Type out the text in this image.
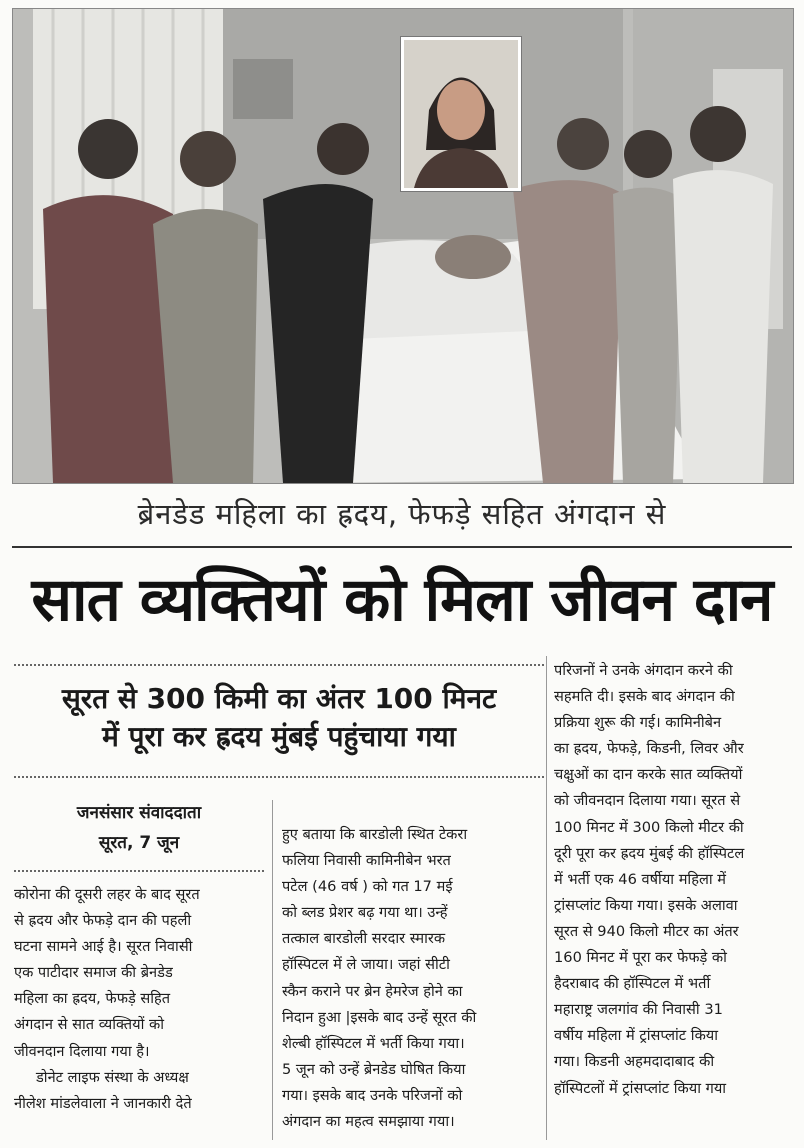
ब्रेनडेड महिला का ह्रदय, फेफड़े सहित अंगदान से
सात व्यक्तियों को मिला जीवन दान
सूरत से 300 किमी का अंतर 100 मिनट
में पूरा कर ह्रदय मुंबई पहुंचाया गया
जनसंसार संवाददाता
सूरत, 7 जून
कोरोना की दूसरी लहर के बाद सूरत
से ह्रदय और फेफड़े दान की पहली
घटना सामने आई है। सूरत निवासी
एक पाटीदार समाज की ब्रेनडेड
महिला का ह्रदय, फेफड़े सहित
अंगदान से सात व्यक्तियों को
जीवनदान दिलाया गया है।
डोनेट लाइफ संस्था के अध्यक्ष
नीलेश मांडलेवाला ने जानकारी देते
हुए बताया कि बारडोली स्थित टेकरा
फलिया निवासी कामिनीबेन भरत
पटेल (46 वर्ष ) को गत 17 मई
को ब्लड प्रेशर बढ़ गया था। उन्हें
तत्काल बारडोली सरदार स्मारक
हॉस्पिटल में ले जाया। जहां सीटी
स्कैन कराने पर ब्रेन हेमरेज होने का
निदान हुआ |इसके बाद उन्हें सूरत की
शेल्बी हॉस्पिटल में भर्ती किया गया।
5 जून को उन्हें ब्रेनडेड घोषित किया
गया। इसके बाद उनके परिजनों को
अंगदान का महत्व समझाया गया।
परिजनों ने उनके अंगदान करने की
सहमति दी। इसके बाद अंगदान की
प्रक्रिया शुरू की गई। कामिनीबेन
का ह्रदय, फेफड़े, किडनी, लिवर और
चक्षुओं का दान करके सात व्यक्तियों
को जीवनदान दिलाया गया। सूरत से
100 मिनट में 300 किलो मीटर की
दूरी पूरा कर ह्रदय मुंबई की हॉस्पिटल
में भर्ती एक 46 वर्षीया महिला में
ट्रांसप्लांट किया गया। इसके अलावा
सूरत से 940 किलो मीटर का अंतर
160 मिनट में पूरा कर फेफड़े को
हैदराबाद की हॉस्पिटल में भर्ती
महाराष्ट्र जलगांव की निवासी 31
वर्षीय महिला में ट्रांसप्लांट किया
गया। किडनी अहमदादाबाद की
हॉस्पिटलों में ट्रांसप्लांट किया गया
